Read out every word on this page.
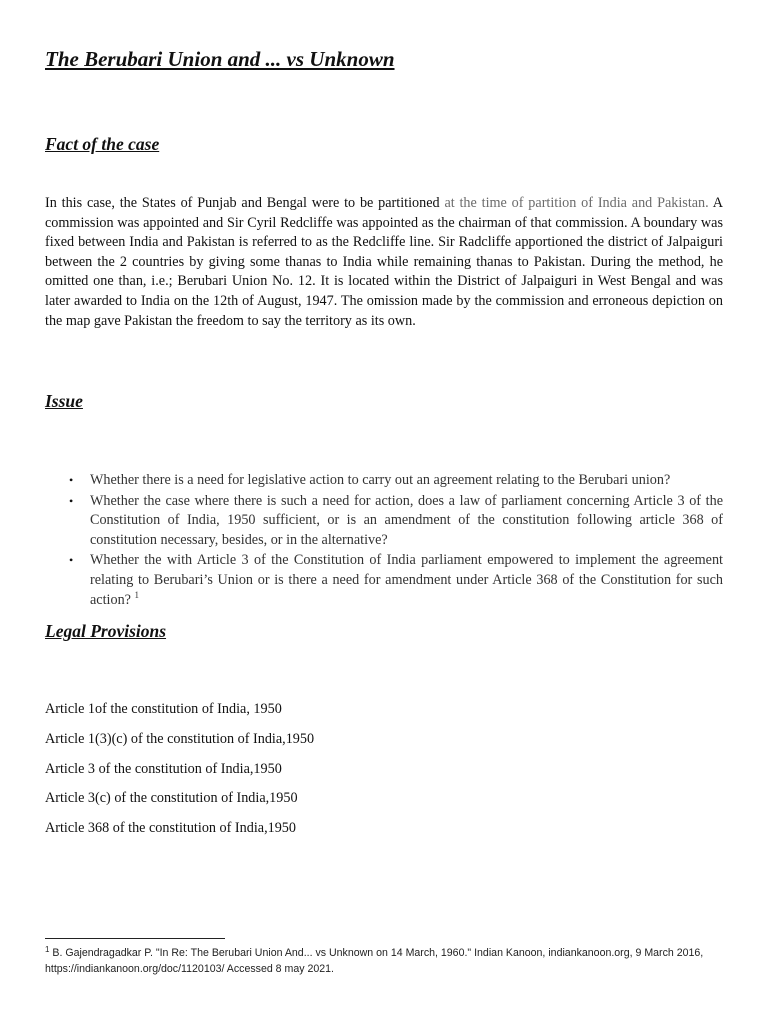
The Berubari Union and ... vs Unknown
Fact of the case

In this case, the States of Punjab and Bengal were to be partitioned at the time of partition of India and Pakistan. A commission was appointed and Sir Cyril Redcliffe was appointed as the chairman of that commission. A boundary was fixed between India and Pakistan is referred to as the Redcliffe line. Sir Radcliffe apportioned the district of Jalpaiguri between the 2 countries by giving some thanas to India while remaining thanas to Pakistan. During the method, he omitted one than, i.e.; Berubari Union No. 12. It is located within the District of Jalpaiguri in West Bengal and was later awarded to India on the 12th of August, 1947. The omission made by the commission and erroneous depiction on the map gave Pakistan the freedom to say the territory as its own.

Issue
• Whether there is a need for legislative action to carry out an agreement relating to the Berubari union?
• Whether the case where there is such a need for action, does a law of parliament concerning Article 3 of the Constitution of India, 1950 sufficient, or is an amendment of the constitution following article 368 of constitution necessary, besides, or in the alternative?
• Whether the with Article 3 of the Constitution of India parliament empowered to implement the agreement relating to Berubari’s Union or is there a need for amendment under Article 368 of the Constitution for such action? $^1$
Legal Provisions
Article 1of the constitution of India, 1950
Article 1(3)(c) of the constitution of India,1950
Article 3 of the constitution of India,1950
Article 3(c) of the constitution of India,1950
Article 368 of the constitution of India,1950
$^1$ B. Gajendragadkar P. "In Re: The Berubari Union And... vs Unknown on 14 March, 1960." Indian Kanoon, indiankanoon.org, 9 March 2016, https://indiankanoon.org/doc/1120103/ Accessed 8 may 2021.
